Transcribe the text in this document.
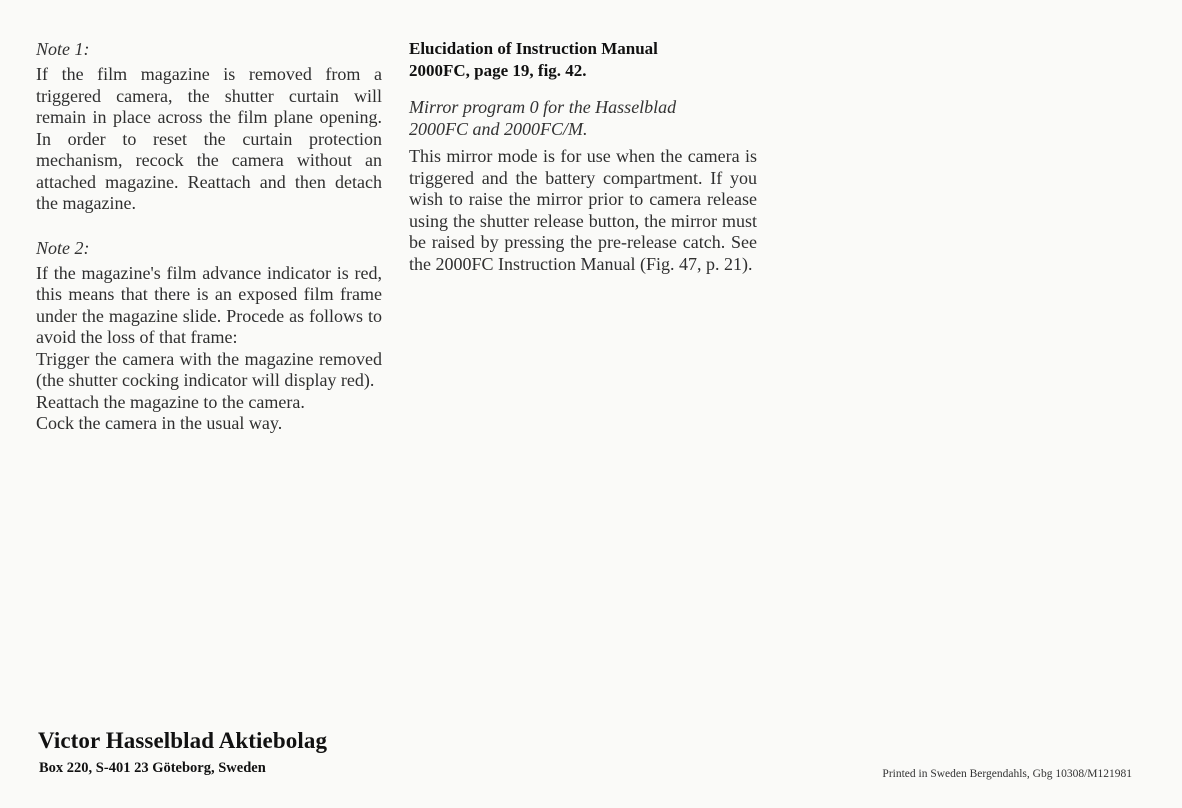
Note 1:
If the film magazine is removed from a triggered camera, the shutter curtain will remain in place across the film plane opening. In order to reset the curtain protection mechanism, recock the camera without an attached magazine. Reattach and then detach the magazine.
Note 2:
If the magazine's film advance indicator is red, this means that there is an exposed film frame under the magazine slide. Procede as follows to avoid the loss of that frame:
Trigger the camera with the magazine removed (the shutter cocking indicator will display red).
Reattach the magazine to the camera.
Cock the camera in the usual way.
Elucidation of Instruction Manual
2000FC, page 19, fig. 42.
Mirror program 0 for the Hasselblad
2000FC and 2000FC/M.
This mirror mode is for use when the camera is triggered and the battery compartment. If you wish to raise the mirror prior to camera release using the shutter release button, the mirror must be raised by pressing the pre-release catch. See the 2000FC Instruction Manual (Fig. 47, p. 21).
Victor Hasselblad Aktiebolag
Box 220, S-401 23 Göteborg, Sweden	Printed in Sweden Bergendahls, Gbg 10308/M121981
